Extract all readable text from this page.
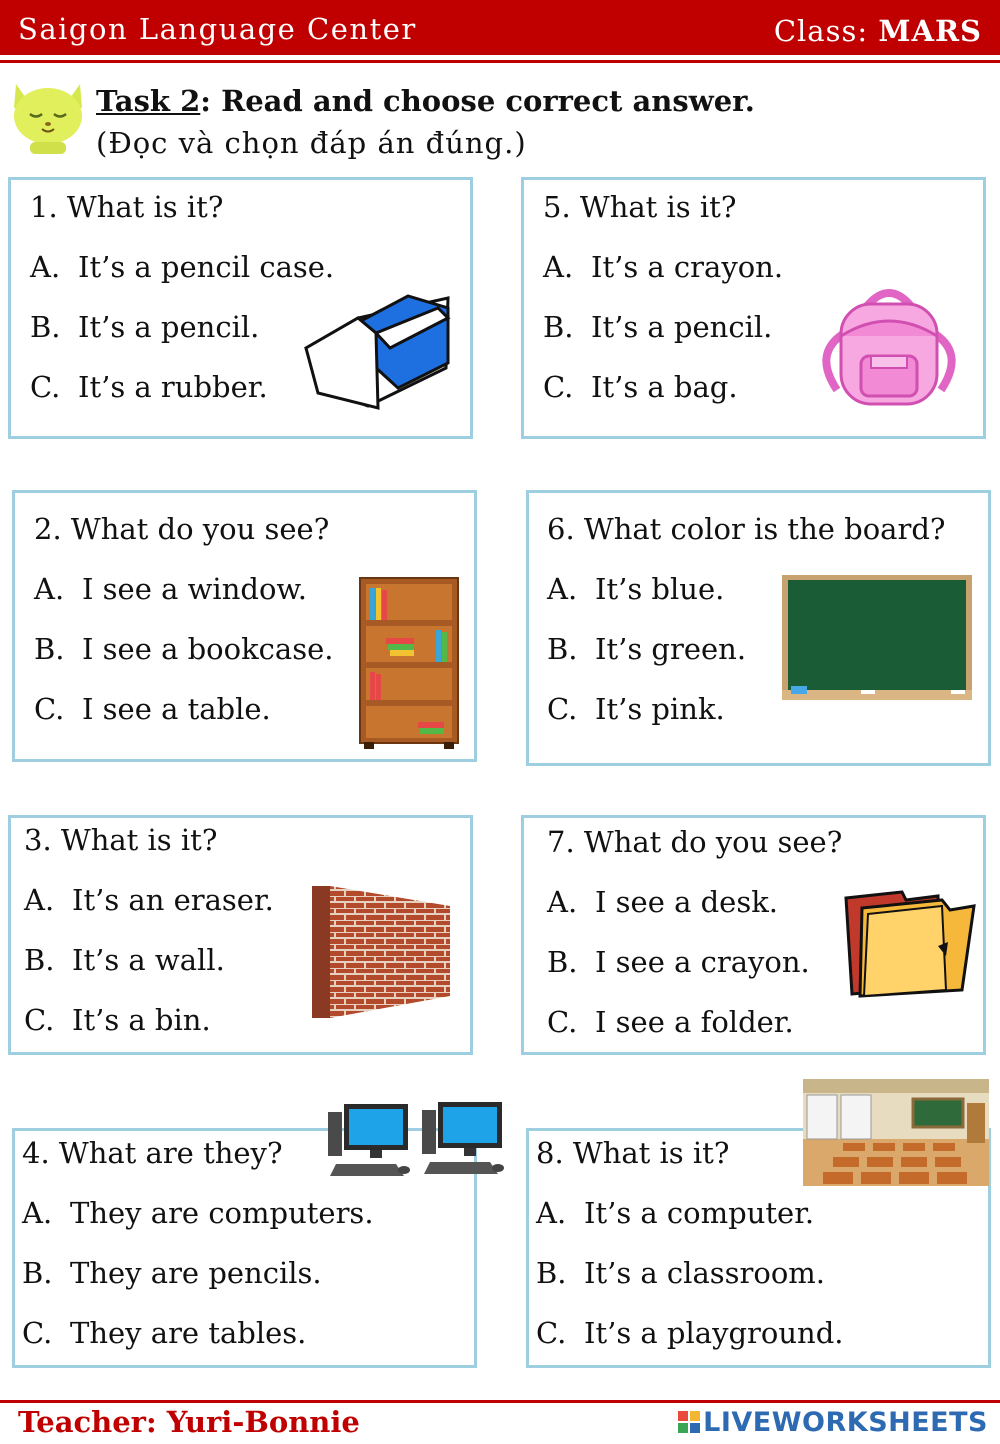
Saigon Language Center	Class: MARS
Task 2: Read and choose correct answer.
(Đọc và chọn đáp án đúng.)
1. What is it?
A. It’s a pencil case.
B. It’s a pencil.
C. It’s a rubber.
2. What do you see?
A. I see a window.
B. I see a bookcase.
C. I see a table.
3. What is it?
A. It’s an eraser.
B. It’s a wall.
C. It’s a bin.
4. What are they?
A. They are computers.
B. They are pencils.
C. They are tables.
5. What is it?
A. It’s a crayon.
B. It’s a pencil.
C. It’s a bag.
6. What color is the board?
A. It’s blue.
B. It’s green.
C. It’s pink.
7. What do you see?
A. I see a desk.
B. I see a crayon.
C. I see a folder.
8. What is it?
A. It’s a computer.
B. It’s a classroom.
C. It’s a playground.
Teacher: Yuri-Bonnie	LIVEWORKSHEETS
